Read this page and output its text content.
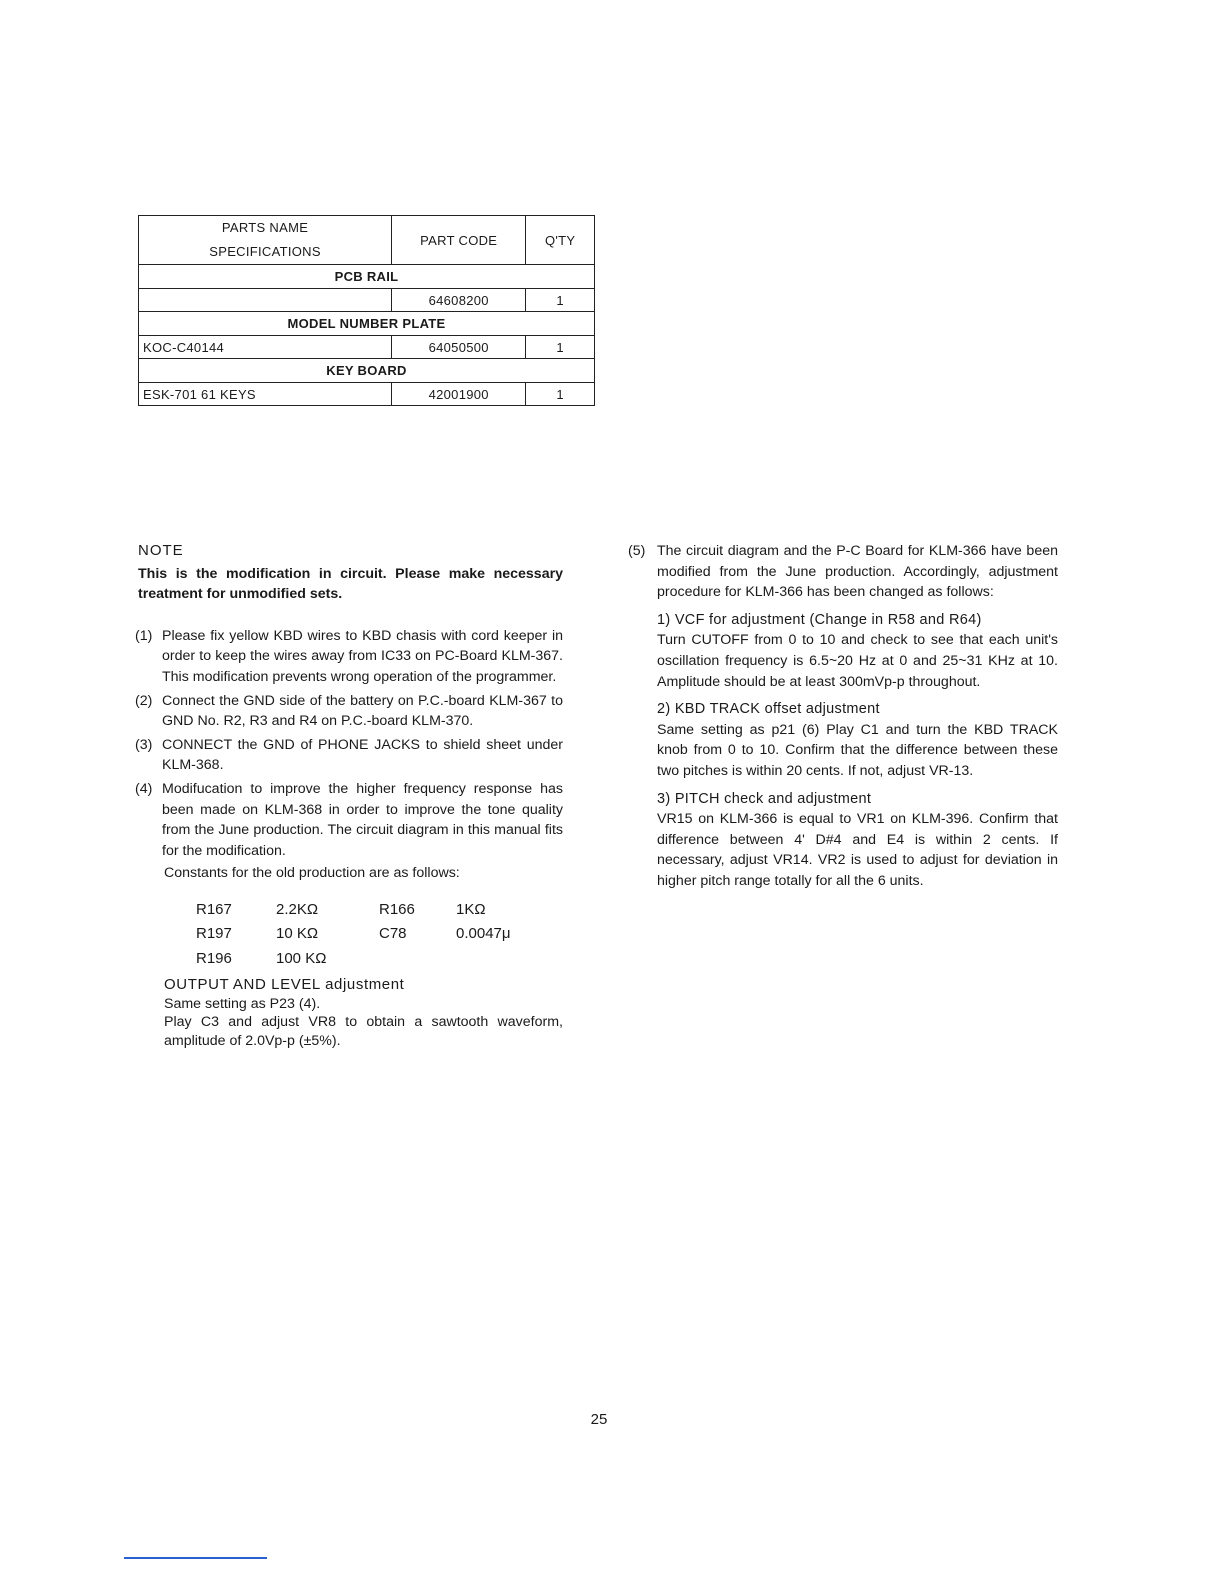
PARTS NAME
SPECIFICATIONS	PART CODE	Q'TY
PCB RAIL		
	64608200	1
MODEL NUMBER PLATE		
KOC-C40144	64050500	1
KEY BOARD		
ESK-701 61 KEYS	42001900	1
NOTE

This is the modification in circuit. Please make necessary treatment for unmodified sets.

(1) Please fix yellow KBD wires to KBD chasis with cord keeper in order to keep the wires away from IC33 on PC-Board KLM-367. This modification prevents wrong operation of the programmer.

(2) Connect the GND side of the battery on P.C.-board KLM-367 to GND No. R2, R3 and R4 on P.C.-board KLM-370.

(3) CONNECT the GND of PHONE JACKS to shield sheet under KLM-368.

(4) Modifucation to improve the higher frequency response has been made on KLM-368 in order to improve the tone quality from the June production. The circuit diagram in this manual fits for the modification.

Constants for the old production are as follows:

R167	2.2KΩ	R166	1KΩ
R197	10 KΩ	C78	0.0047μ
R196	100 KΩ		
OUTPUT AND LEVEL adjustment

Same setting as P23 (4).

Play C3 and adjust VR8 to obtain a sawtooth waveform, amplitude of 2.0Vp-p (±5%).

(5) The circuit diagram and the P-C Board for KLM-366 have been modified from the June production. Accordingly, adjustment procedure for KLM-366 has been changed as follows:

1) VCF for adjustment (Change in R58 and R64)

Turn CUTOFF from 0 to 10 and check to see that each unit's oscillation frequency is 6.5~20 Hz at 0 and 25~31 KHz at 10. Amplitude should be at least 300mVp-p throughout.

2) KBD TRACK offset adjustment

Same setting as p21 (6) Play C1 and turn the KBD TRACK knob from 0 to 10. Confirm that the difference between these two pitches is within 20 cents. If not, adjust VR-13.

3) PITCH check and adjustment

VR15 on KLM-366 is equal to VR1 on KLM-396. Confirm that difference between 4' D#4 and E4 is within 2 cents. If necessary, adjust VR14. VR2 is used to adjust for deviation in higher pitch range totally for all the 6 units.

25
